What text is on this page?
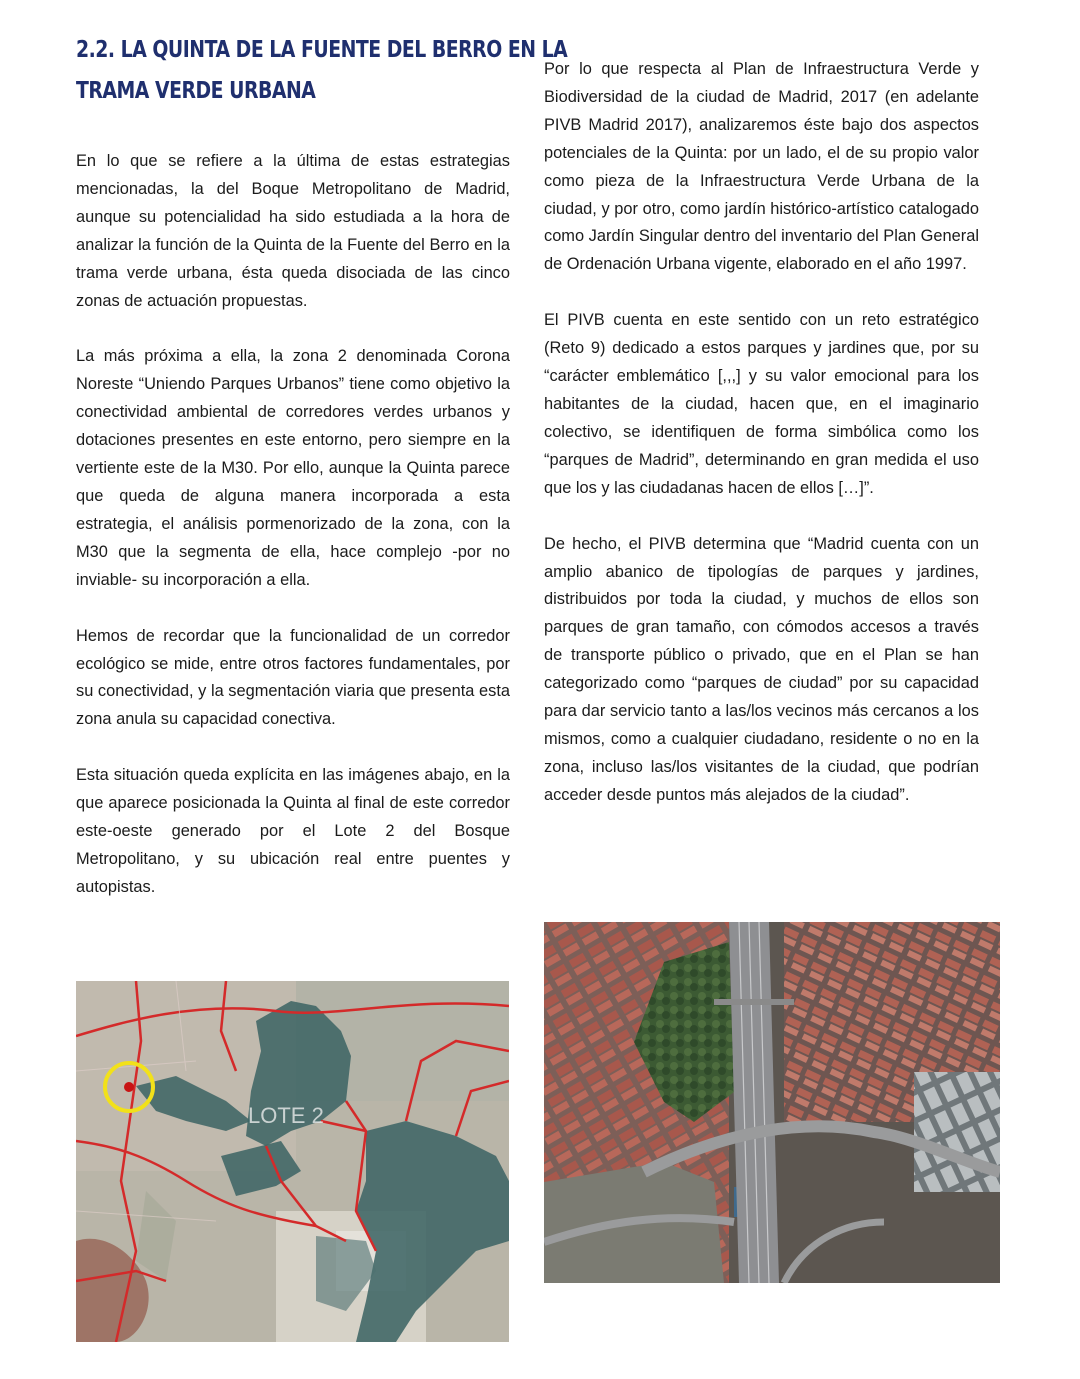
2.2. LA QUINTA DE LA FUENTE DEL BERRO EN LA
TRAMA VERDE URBANA

En lo que se refiere a la última de estas estrategias mencionadas, la del Boque Metropolitano de Madrid, aunque su potencialidad ha sido estudiada a la hora de analizar la función de la Quinta de la Fuente del Berro en la trama verde urbana, ésta queda disociada de las cinco zonas de actuación propuestas.

La más próxima a ella, la zona 2 denominada Corona Noreste “Uniendo Parques Urbanos” tiene como objetivo la conectividad ambiental de corredores verdes urbanos y dotaciones presentes en este entorno, pero siempre en la vertiente este de la M30. Por ello, aunque la Quinta parece que queda de alguna manera incorporada a esta estrategia, el análisis pormenorizado de la zona, con la M30 que la segmenta de ella, hace complejo -por no inviable- su incorporación a ella.

Hemos de recordar que la funcionalidad de un corredor ecológico se mide, entre otros factores fundamentales, por su conectividad, y la segmentación viaria que presenta esta zona anula su capacidad conectiva.

Esta situación queda explícita en las imágenes abajo, en la que aparece posicionada la Quinta al final de este corredor este-oeste generado por el Lote 2 del Bosque Metropolitano, y su ubicación real entre puentes y autopistas.

Por lo que respecta al Plan de Infraestructura Verde y Biodiversidad de la ciudad de Madrid, 2017 (en adelante PIVB Madrid 2017), analizaremos éste bajo dos aspectos potenciales de la Quinta: por un lado, el de su propio valor como pieza de la Infraestructura Verde Urbana de la ciudad, y por otro, como jardín histórico-artístico catalogado como Jardín Singular dentro del inventario del Plan General de Ordenación Urbana vigente, elaborado en el año 1997.

El PIVB cuenta en este sentido con un reto estratégico (Reto 9) dedicado a estos parques y jardines que, por su “carácter emblemático [,,,] y su valor emocional para los habitantes de la ciudad, hacen que, en el imaginario colectivo, se identifiquen de forma simbólica como los “parques de Madrid”, determinando en gran medida el uso que los y las ciudadanas hacen de ellos […]”.

De hecho, el PIVB determina que “Madrid cuenta con un amplio abanico de tipologías de parques y jardines, distribuidos por toda la ciudad, y muchos de ellos son parques de gran tamaño, con cómodos accesos a través de transporte público o privado, que en el Plan se han categorizado como “parques de ciudad” por su capacidad para dar servicio tanto a las/los vecinos más cercanos a los mismos, como a cualquier ciudadano, residente o no en la zona, incluso las/los visitantes de la ciudad, que podrían acceder desde puntos más alejados de la ciudad”.

LOTE 2
